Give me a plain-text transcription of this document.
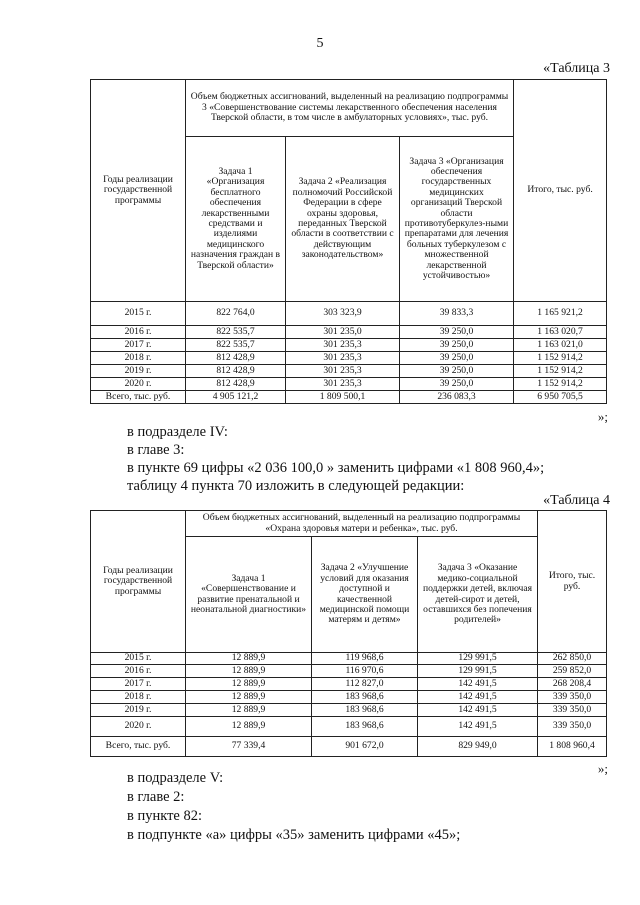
5
«Таблица 3
Годы реализации государственной программы	Объем бюджетных ассигнований, выделенный на реализацию подпрограммы 3 «Совершенствование системы лекарственного обеспечения населения Тверской области, в том числе в амбулаторных условиях», тыс. руб.			Итого, тыс. руб.
	Задача 1 «Организация бесплатного обеспечения лекарственными средствами и изделиями медицинского назначения граждан в Тверской области»	Задача 2 «Реализация полномочий Российской Федерации в сфере охраны здоровья, переданных Тверской области в соответствии с действующим законодательством»	Задача 3 «Организация обеспечения государственных медицинских организаций Тверской области противотуберкулез-ными препаратами для лечения больных туберкулезом с множественной лекарственной устойчивостью»	
2015 г.	822 764,0	303 323,9	39 833,3	1 165 921,2
2016 г.	822 535,7	301 235,0	39 250,0	1 163 020,7
2017 г.	822 535,7	301 235,3	39 250,0	1 163 021,0
2018 г.	812 428,9	301 235,3	39 250,0	1 152 914,2
2019 г.	812 428,9	301 235,3	39 250,0	1 152 914,2
2020 г.	812 428,9	301 235,3	39 250,0	1 152 914,2
Всего, тыс. руб.	4 905 121,2	1 809 500,1	236 083,3	6 950 705,5
»;
в подразделе IV:
в главе 3:
в пункте 69 цифры «2 036 100,0 » заменить цифрами «1 808 960,4»;
таблицу 4 пункта 70 изложить в следующей редакции:
«Таблица 4
Годы реализации государственной программы	Объем бюджетных ассигнований, выделенный на реализацию подпрограммы «Охрана здоровья матери и ребенка», тыс. руб.			Итого, тыс. руб.
	Задача 1 «Совершенствование и развитие пренатальной и неонатальной диагностики»	Задача 2 «Улучшение условий для оказания доступной и качественной медицинской помощи матерям и детям»	Задача 3 «Оказание медико-социальной поддержки детей, включая детей-сирот и детей, оставшихся без попечения родителей»	
2015 г.	12 889,9	119 968,6	129 991,5	262 850,0
2016 г.	12 889,9	116 970,6	129 991,5	259 852,0
2017 г.	12 889,9	112 827,0	142 491,5	268 208,4
2018 г.	12 889,9	183 968,6	142 491,5	339 350,0
2019 г.	12 889,9	183 968,6	142 491,5	339 350,0
2020 г.	12 889,9	183 968,6	142 491,5	339 350,0
Всего, тыс. руб.	77 339,4	901 672,0	829 949,0	1 808 960,4
»;
в подразделе V:
в главе 2:
в пункте 82:
в подпункте «а» цифры «35» заменить цифрами «45»;
